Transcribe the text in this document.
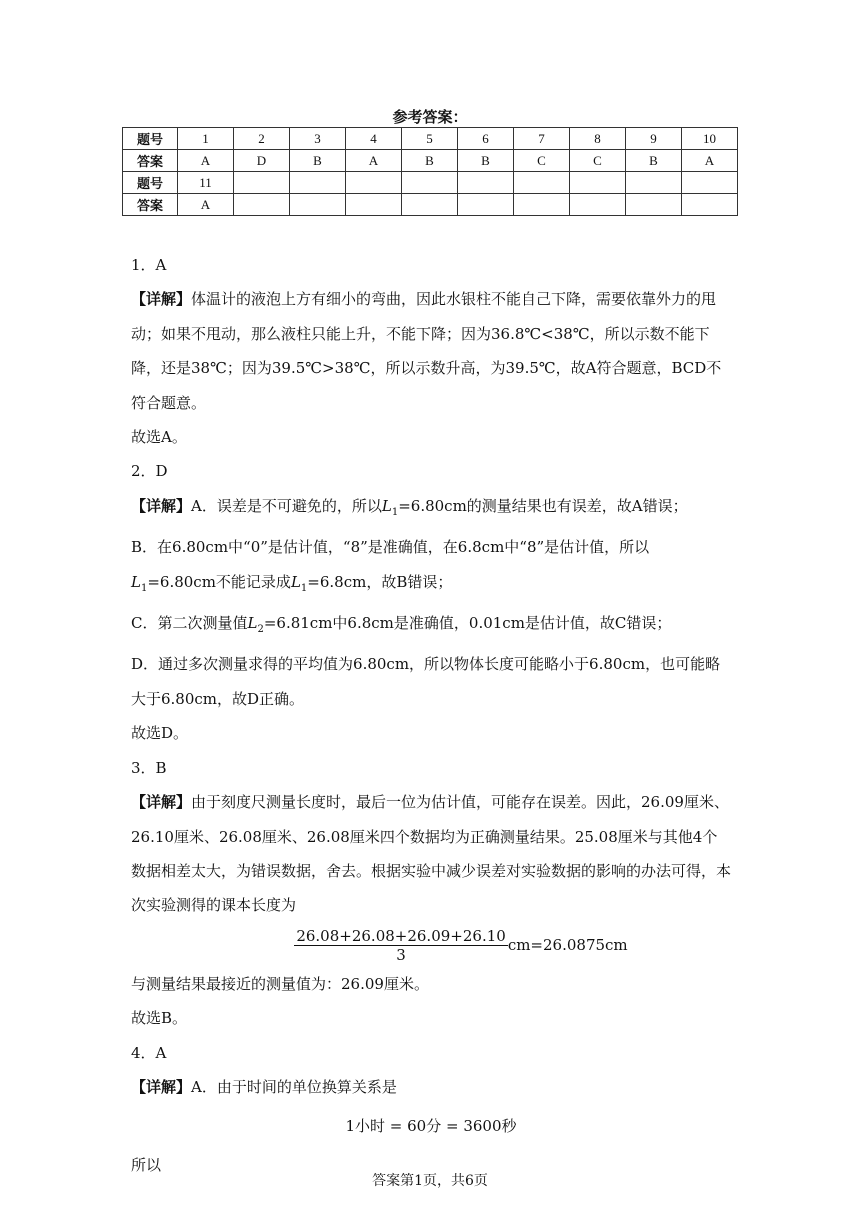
参考答案：
题号	1	2	3	4	5	6	7	8	9	10
答案	A	D	B	A	B	B	C	C	B	A
题号	11									
答案	A									

1．A

【详解】体温计的液泡上方有细小的弯曲，因此水银柱不能自己下降，需要依靠外力的甩动；如果不甩动，那么液柱只能上升，不能下降；因为36.8℃<38℃，所以示数不能下降，还是38℃；因为39.5℃>38℃，所以示数升高，为39.5℃，故A符合题意，BCD不符合题意。

故选A。

2．D

【详解】A．误差是不可避免的，所以$L_1=6.80cm$的测量结果也有误差，故A错误；

B．在6.80cm中“0”是估计值，“8”是准确值，在6.8cm中“8”是估计值，所以$L_1=6.80cm$不能记录成$L_1=6.8cm$，故B错误；

C．第二次测量值$L_2=6.81cm$中6.8cm是准确值，0.01cm是估计值，故C错误；

D．通过多次测量求得的平均值为6.80cm，所以物体长度可能略小于6.80cm，也可能略大于6.80cm，故D正确。

故选D。

3．B

【详解】由于刻度尺测量长度时，最后一位为估计值，可能存在误差。因此，26.09厘米、26.10厘米、26.08厘米、26.08厘米四个数据均为正确测量结果。25.08厘米与其他4个数据相差太大，为错误数据，舍去。根据实验中减少误差对实验数据的影响的办法可得，本次实验测得的课本长度为

$\frac{26.08+26.08+26.09+26.10}{3} cm=26.0875cm$

与测量结果最接近的测量值为：26.09厘米。

故选B。

4．A

【详解】A．由于时间的单位换算关系是

1小时 = 60分 = 3600秒

所以

答案第1页，共6页
